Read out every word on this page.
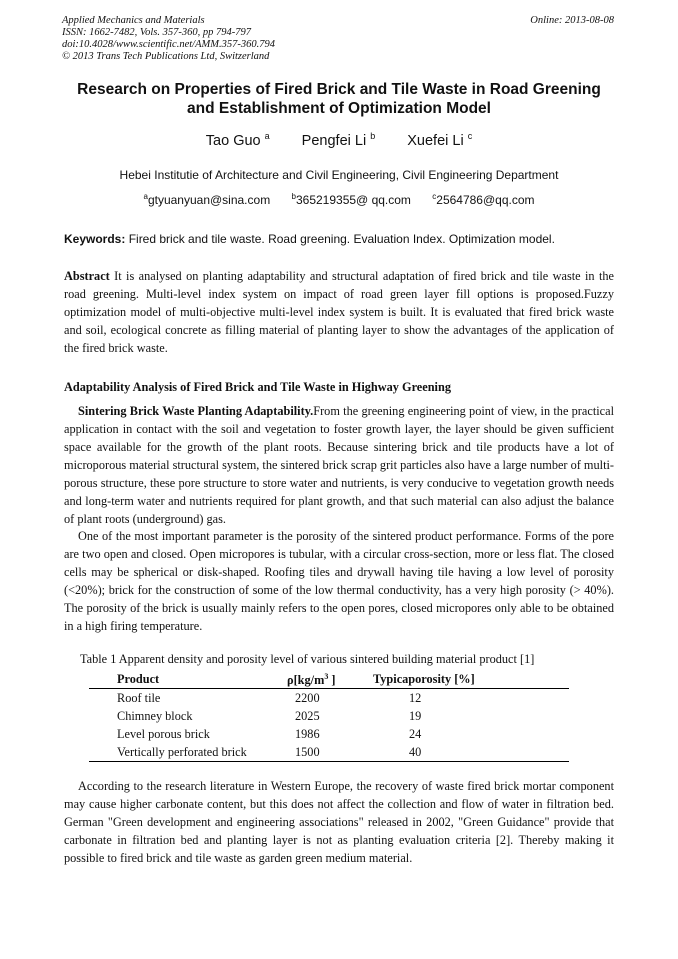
Applied Mechanics and Materials
ISSN: 1662-7482, Vols. 357-360, pp 794-797
doi:10.4028/www.scientific.net/AMM.357-360.794
© 2013 Trans Tech Publications Ltd, Switzerland
Online: 2013-08-08
Research on Properties of Fired Brick and Tile Waste in Road Greening
and Establishment of Optimization Model
Tao Guo $^a$ Pengfei Li $^b$ Xuefei Li $^c$
Hebei Institutie of Architecture and Civil Engineering, Civil Engineering Department
$^a$gtyuanyuan@sina.com	$^b$365219355@ qq.com	$^c$2564786@qq.com
Keywords: Fired brick and tile waste. Road greening. Evaluation Index. Optimization model.
Abstract It is analysed on planting adaptability and structural adaptation of fired brick and tile waste in the road greening. Multi-level index system on impact of road green layer fill options is proposed.Fuzzy optimization model of multi-objective multi-level index system is built. It is evaluated that fired brick waste and soil, ecological concrete as filling material of planting layer to show the advantages of the application of the fired brick waste.
Adaptability Analysis of Fired Brick and Tile Waste in Highway Greening
Sintering Brick Waste Planting Adaptability.From the greening engineering point of view, in the practical application in contact with the soil and vegetation to foster growth layer, the layer should be given sufficient space available for the growth of the plant roots. Because sintering brick and tile products have a lot of microporous material structural system, the sintered brick scrap grit particles also have a large number of multi-porous structure, these pore structure to store water and nutrients, is very conducive to vegetation growth needs and long-term water and nutrients required for plant growth, and that such material can also adjust the balance of plant roots (underground) gas.
One of the most important parameter is the porosity of the sintered product performance. Forms of the pore are two open and closed. Open micropores is tubular, with a circular cross-section, more or less flat. The closed cells may be spherical or disk-shaped. Roofing tiles and drywall having tile having a low level of porosity (<20%); brick for the construction of some of the low thermal conductivity, has a very high porosity (> 40%). The porosity of the brick is usually mainly refers to the open pores, closed micropores only able to be obtained in a high firing temperature.
Table 1 Apparent density and porosity level of various sintered building material product [1]
Product	$\rho[kg/m^3$ ]	Typicaporosity [%]
Roof tile	2200	12
Chimney block	2025	19
Level porous brick	1986	24
Vertically perforated brick	1500	40
According to the research literature in Western Europe, the recovery of waste fired brick mortar component may cause higher carbonate content, but this does not affect the collection and flow of water in filtration bed. German "Green development and engineering associations" released in 2002, "Green Guidance" provide that carbonate in filtration bed and planting layer is not as planting evaluation criteria [2]. Thereby making it possible to fired brick and tile waste as garden green medium material.
